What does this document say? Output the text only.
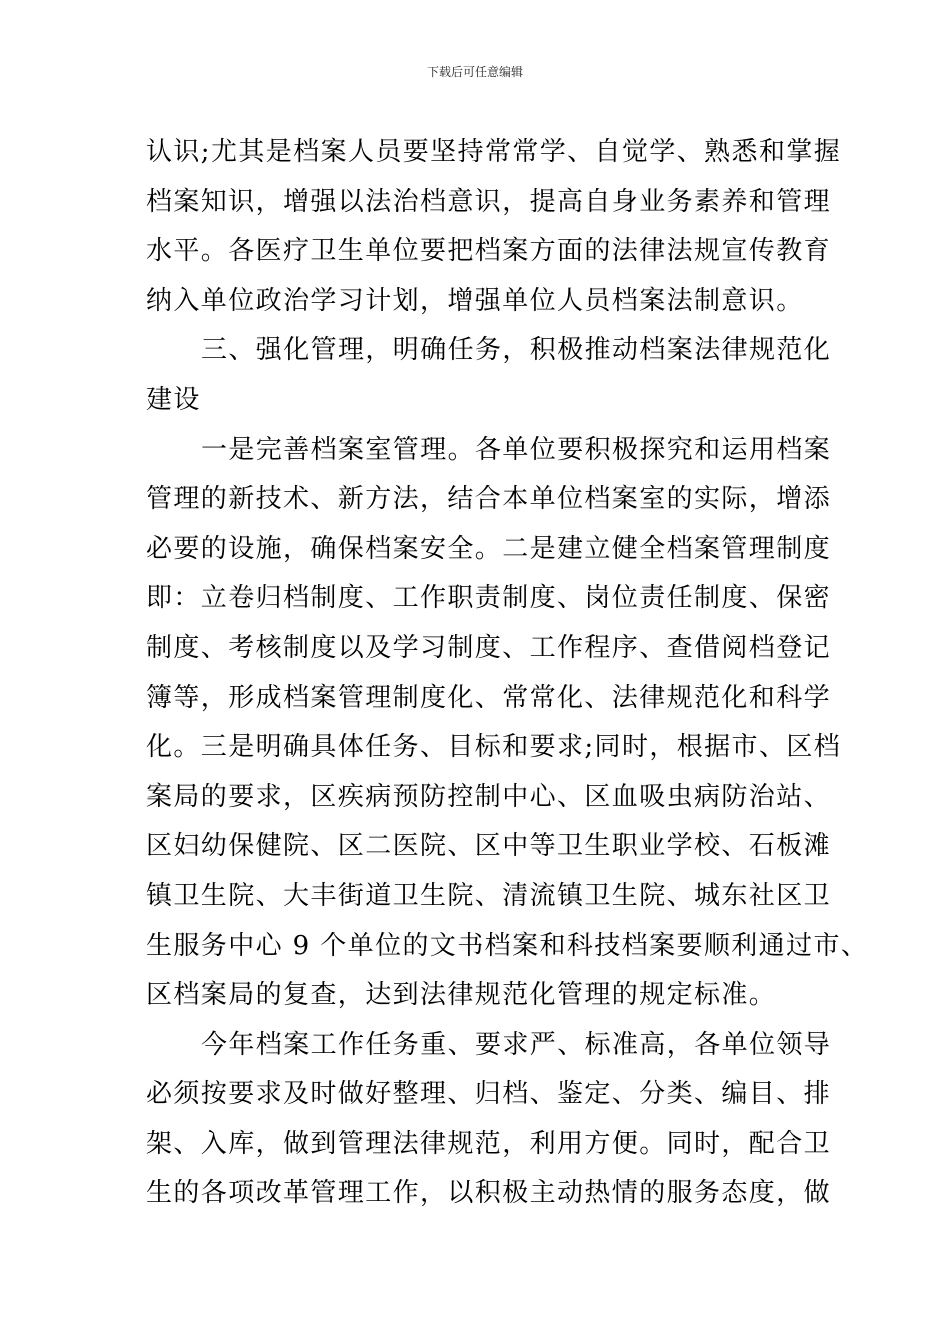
下载后可任意编辑
认识;尤其是档案人员要坚持常常学、自觉学、熟悉和掌握
档案知识，增强以法治档意识，提高自身业务素养和管理
水平。各医疗卫生单位要把档案方面的法律法规宣传教育
纳入单位政治学习计划，增强单位人员档案法制意识。
三、强化管理，明确任务，积极推动档案法律规范化
建设
一是完善档案室管理。各单位要积极探究和运用档案
管理的新技术、新方法，结合本单位档案室的实际，增添
必要的设施，确保档案安全。二是建立健全档案管理制度
即：立卷归档制度、工作职责制度、岗位责任制度、保密
制度、考核制度以及学习制度、工作程序、查借阅档登记
簿等，形成档案管理制度化、常常化、法律规范化和科学
化。三是明确具体任务、目标和要求;同时，根据市、区档
案局的要求，区疾病预防控制中心、区血吸虫病防治站、
区妇幼保健院、区二医院、区中等卫生职业学校、石板滩
镇卫生院、大丰街道卫生院、清流镇卫生院、城东社区卫
生服务中心 9 个单位的文书档案和科技档案要顺利通过市、
区档案局的复查，达到法律规范化管理的规定标准。
今年档案工作任务重、要求严、标准高，各单位领导
必须按要求及时做好整理、归档、鉴定、分类、编目、排
架、入库，做到管理法律规范，利用方便。同时，配合卫
生的各项改革管理工作，以积极主动热情的服务态度，做
